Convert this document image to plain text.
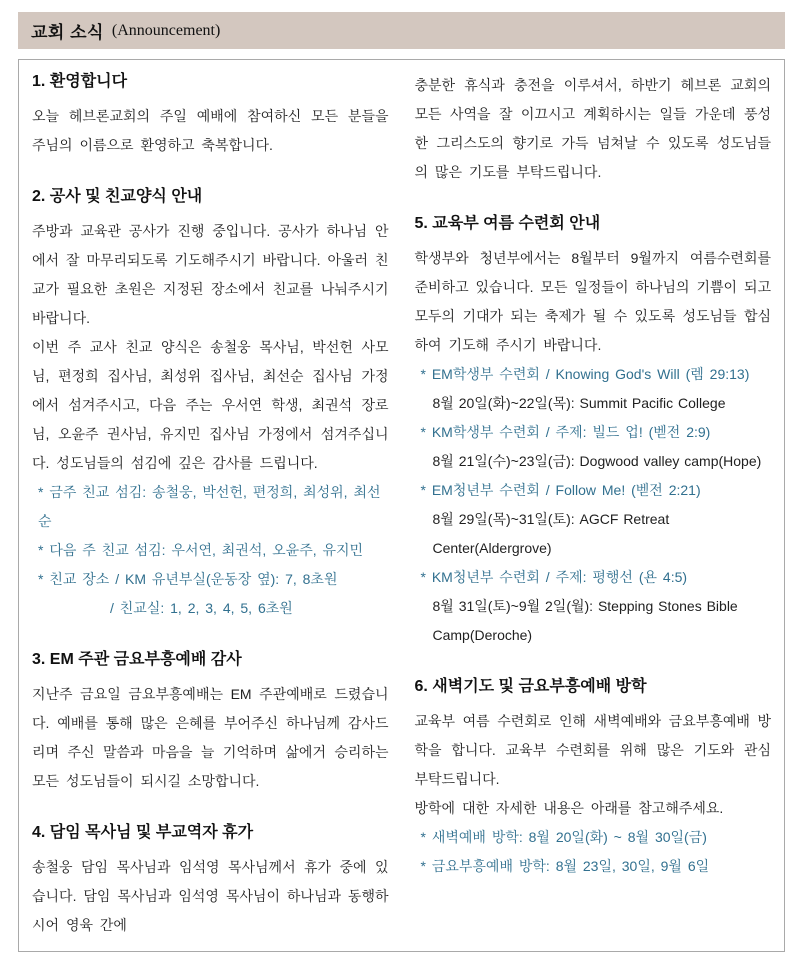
교회 소식 (Announcement)
1. 환영합니다

오늘 헤브론교회의 주일 예배에 참여하신 모든 분들을 주님의 이름으로 환영하고 축복합니다.

2. 공사 및 친교양식 안내

주방과 교육관 공사가 진행 중입니다. 공사가 하나님 안에서 잘 마무리되도록 기도해주시기 바랍니다. 아울러 친교가 필요한 초원은 지정된 장소에서 친교를 나눠주시기 바랍니다.

이번 주 교사 친교 양식은 송철웅 목사님, 박선헌 사모님, 편정희 집사님, 최성위 집사님, 최선순 집사님 가정에서 섬겨주시고, 다음 주는 우서연 학생, 최권석 장로님, 오윤주 권사님, 유지민 집사님 가정에서 섬겨주십니다. 성도님들의 섬김에 깊은 감사를 드립니다.

* 금주 친교 섬김: 송철웅, 박선헌, 편정희, 최성위, 최선순

* 다음 주 친교 섬김: 우서연, 최권석, 오윤주, 유지민

* 친교 장소 / KM 유년부실(운동장 옆): 7, 8초원

/ 친교실: 1, 2, 3, 4, 5, 6초원

3. EM 주관 금요부흥예배 감사

지난주 금요일 금요부흥예배는 EM 주관예배로 드렸습니다. 예배를 통해 많은 은혜를 부어주신 하나님께 감사드리며 주신 말씀과 마음을 늘 기억하며 삶에거 승리하는 모든 성도님들이 되시길 소망합니다.

4. 담임 목사님 및 부교역자 휴가

송철웅 담임 목사님과 임석영 목사님께서 휴가 중에 있습니다. 담임 목사님과 임석영 목사님이 하나님과 동행하시어 영육 간에

충분한 휴식과 충전을 이루셔서, 하반기 헤브론 교회의 모든 사역을 잘 이끄시고 계획하시는 일들 가운데 풍성한 그리스도의 향기로 가득 넘쳐날 수 있도록 성도님들의 많은 기도를 부탁드립니다.

5. 교육부 여름 수련회 안내

학생부와 청년부에서는 8월부터 9월까지 여름수련회를 준비하고 있습니다. 모든 일정들이 하나님의 기쁨이 되고 모두의 기대가 되는 축제가 될 수 있도록 성도님들 합심하여 기도해 주시기 바랍니다.

* EM학생부 수련회 / Knowing God's Will (렘 29:13)

8월 20일(화)~22일(목): Summit Pacific College

* KM학생부 수련회 / 주제: 빌드 업! (벧전 2:9)

8월 21일(수)~23일(금): Dogwood valley camp(Hope)

* EM청년부 수련회 / Follow Me! (벧전 2:21)

8월 29일(목)~31일(토): AGCF Retreat Center(Aldergrove)

* KM청년부 수련회 / 주제: 평행선 (욘 4:5)

8월 31일(토)~9월 2일(월): Stepping Stones Bible Camp(Deroche)

6. 새벽기도 및 금요부흥예배 방학

교육부 여름 수련회로 인해 새벽예배와 금요부흥예배 방학을 합니다. 교육부 수련회를 위해 많은 기도와 관심 부탁드립니다.

방학에 대한 자세한 내용은 아래를 참고해주세요.

* 새벽예배 방학: 8월 20일(화) ~ 8월 30일(금)

* 금요부흥예배 방학: 8월 23일, 30일, 9월 6일
